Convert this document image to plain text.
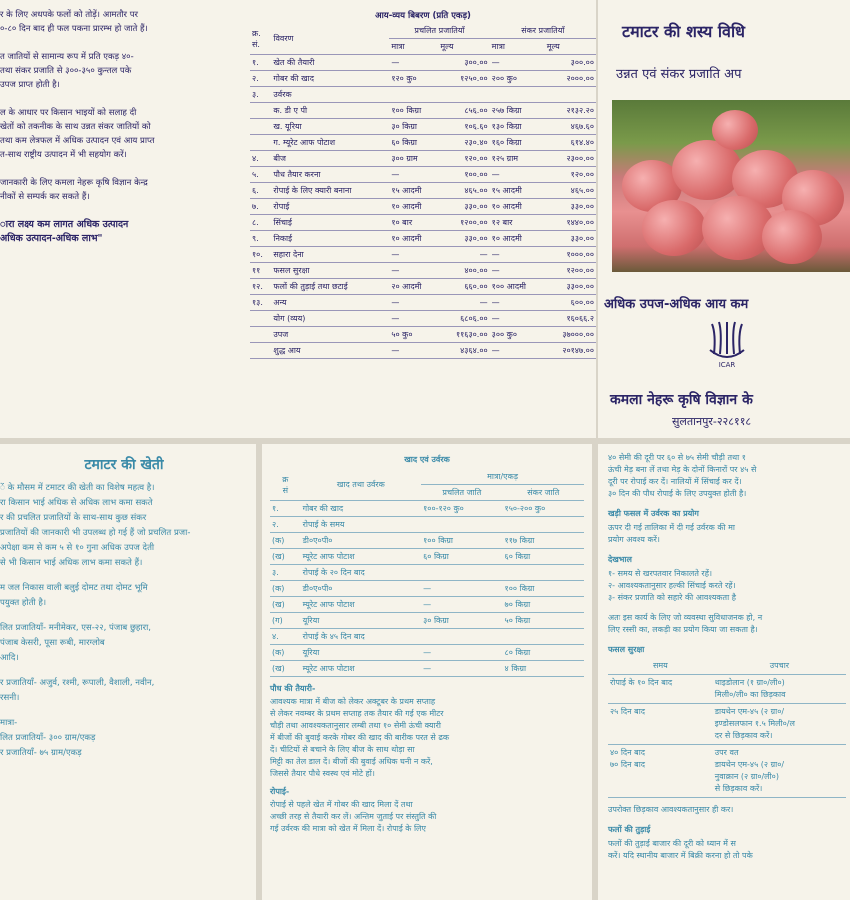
र के लिए अधपके फलों को तोड़ें। आमतौर पर
०-८० दिन बाद ही फल पकना प्रारम्भ हो जाते हैं।

त जातियों से सामान्य रूप में प्रति एकड़ ४०-
तथा संकर प्रजाति से ३००-३५० कुन्तल पके
उपज प्राप्त होती है।

ल के आधार पर किसान भाइयों को सलाह दी
खेतों को तकनीक के साथ उन्नत संकर जातियों को
तथा कम लेत्रफल में अधिक उत्पादन एवं आय प्राप्त
त-साथ राष्ट्रीय उत्पादन में भी सहयोग करें।

जानकारी के लिए कमला नेहरू कृषि विज्ञान केन्द्र
नीकों से सम्पर्क कर सकते हैं।

ारा लक्ष्य कम लागत अधिक उत्पादन
अधिक उत्पादन-अधिक लाभ"

आय-व्यय बिबरण (प्रति एकड़)
क्र.
सं.	विवरण	प्रचलित प्रजातियाँ		संकर प्रजातियाँ	
		मात्रा	मूल्य	मात्रा	मूल्य
१.	खेत की तैयारी	—	३००.००	—	३००.००
२.	गोबर की खाद	१२० कु०	१२५०.००	२०० कु०	२०००.००
३.	उर्वरक				
	क. डी ए पी	१०० किग्रा	८५६.००	२५७ किग्रा	२१३२.२०
	ख. यूरिया	३० किग्रा	१०६.६०	१३० किग्रा	४६७.६०
	ग. म्यूरेट आफ पोटाश	६० किग्रा	२३०.४०	१६० किग्रा	६१४.४०
४.	बीज	३०० ग्राम	१२०.००	१२५ ग्राम	२३००.००
५.	पौध तैयार करना	—	१००.००	—	१२०.००
६.	रोपाई के लिए क्यारी बनाना	१५ आदमी	४६५.००	१५ आदमी	४६५.००
७.	रोपाई	१० आदमी	३३०.००	१० आदमी	३३०.००
८.	सिंचाई	१० बार	१२००.००	१२ बार	१४४०.००
९.	निकाई	१० आदमी	३३०.००	१० आदमी	३३०.००
१०.	सहारा देना	—	—	—	१०००.००
११	फसल सुरक्षा	—	४००.००	—	१२००.००
१२.	फलों की तुड़ाई तथा छटाई	२० आदमी	६६०.००	१०० आदमी	३३००.००
१३.	अन्य	—	—	—	६००.००
	योग (व्यय)	—	६८०६.००	—	१६०६६.२
	उपज	५० कु०	११६३०.००	३०० कु०	३७०००.००
	शुद्ध आय	—	४३६४.००	—	२०१४७.००
टमाटर की शस्य विधि
उन्नत एवं संकर प्रजाति अप
अधिक उपज-अधिक आय कम
ICAR
कमला नेहरू कृषि विज्ञान के
सुलतानपुर-२२८११८
टमाटर की खेती

ें के मौसम में टमाटर की खेती का विशेष महत्व है।
रा किसान भाई अधिक से अधिक लाभ कमा सकते
र की प्रचलित प्रजातियों के साथ-साथ कुछ संकर
प्रजातियों की जानकारी भी उपलब्ध हो गई हैं जो प्रचलित प्रजा-
अपेक्षा कम से कम ५ से १० गुना अधिक उपज देती
से भी किसान भाई अधिक लाभ कमा सकते हैं।

म जल निकास वाली बलुई दोमट तथा दोमट भूमि
पयुक्त होती है।

लित प्रजातियाँ- मनीमेकर, एस-२२, पंजाब छुहारा,
पंजाब केसरी, पूसा रूबी, मारग्लोब
आदि।

र प्रजातियाँ- अजुर्व, रश्मी, रूपाली, वैशाली, नवीन,
रसनी।

मात्रा-
लित प्रजातियाँ- ३०० ग्राम/एकड़
र प्रजातियाँ- ७५ ग्राम/एकड़

खाद एवं उर्वरक
क्र
सं	खाद तथा उर्वरक	मात्रा/एकड़	
		प्रचलित जाति	संकर जाति
१.	गोबर की खाद	१००-१२० कु०	१५०-२०० कु०
२.	रोपाई के समय		
(क)	डी०ए०पी०	१०० किग्रा	११७ किग्रा
(ख)	म्यूरेट आफ पोटाश	६० किग्रा	६० किग्रा
३.	रोपाई के २० दिन बाद		
(क)	डी०ए०पी०	—	१०० किग्रा
(ख)	म्यूरेट आफ पोटाश	—	७० किग्रा
(ग)	यूरिया	३० किग्रा	५० किग्रा
४.	रोपाई के ४५ दिन बाद		
(क)	यूरिया	—	८० किग्रा
(ख)	म्यूरेट आफ पोटाश	—	४ किग्रा
पौध की तैयारी-
आवश्यक मात्रा में बीज को लेकर अक्टूबर के प्रथम सप्ताह
से लेकर नवम्बर के प्रथम सप्ताह तक तैयार की गई एक मीटर
चौड़ी तथा आवश्यकतानुसार लम्बी तथा १० सेमी ऊंची क्यारी
में बीजों की बुवाई करके गोबर की खाद की बारीक परत से ढक
दें। चीटियों से बचाने के लिए बीज के साथ थोड़ा सा
मिट्टी का तेल डाल दें। बीजों की बुवाई अधिक घनी न करें,
जिससे तैयार पौधे स्वस्थ एवं मोटे हों।
रोपाई-
रोपाई से पहले खेत में गोबर की खाद मिला दें तथा
अच्छी तरह से तैयारी कर लें। अन्तिम जुताई पर संस्तुति की
गई उर्वरक की मात्रा को खेत में मिला दें। रोपाई के लिए

४० सेमी की दूरी पर ६० से ७५ सेमी चौड़ी तथा १
ऊंची मेड़ बना लें तथा मेड़ के दोनों किनारों पर ४५ से
दूरी पर रोपाई कर दें। नालियों में सिंचाई कर दें।
३० दिन की पौध रोपाई के लिए उपयुक्त होती है।

खड़ी फसल में उर्वरक का प्रयोग

ऊपर दी गई तालिका में दी गई उर्वरक की मा
प्रयोग अवश्य करें।

देखभाल

१- समय से खरपतवार निकालते रहें।
२- आवश्यकतानुसार हल्की सिंचाई करते रहें।
३- संकर प्रजाति को सहारे की आवश्यकता है

अतः इस कार्य के लिए जो व्यवस्था सुविधाजनक हो, न
लिए रस्सी का, लकड़ी का प्रयोग किया जा सकता है।

फसल सुरक्षा
समय	उपचार
रोपाई के १० दिन बाद	थाइडोलान (१ ग्रा०/ली०)
मिली०/ली० का छिड़काव
२५ दिन बाद	डायथेन एम-४५ (२ ग्रा०/
इण्डोसलफान १.५ मिली०/ल
दर से छिड़काव करें।
४० दिन बाद
७० दिन बाद	उपर वत
डायथेन एम-४५ (२ ग्रा०/
नुवाक्रान (२ ग्रा०/ली०)
से छिड़काव करें।

उपरोक्त छिड़काव आवश्यकतानुसार ही कर।

फलों की तुड़ाई

फलों की तुड़ाई बाजार की दूरी को ध्यान में स
करें। यदि स्थानीय बाजार में बिक्री करना हो तो पके
